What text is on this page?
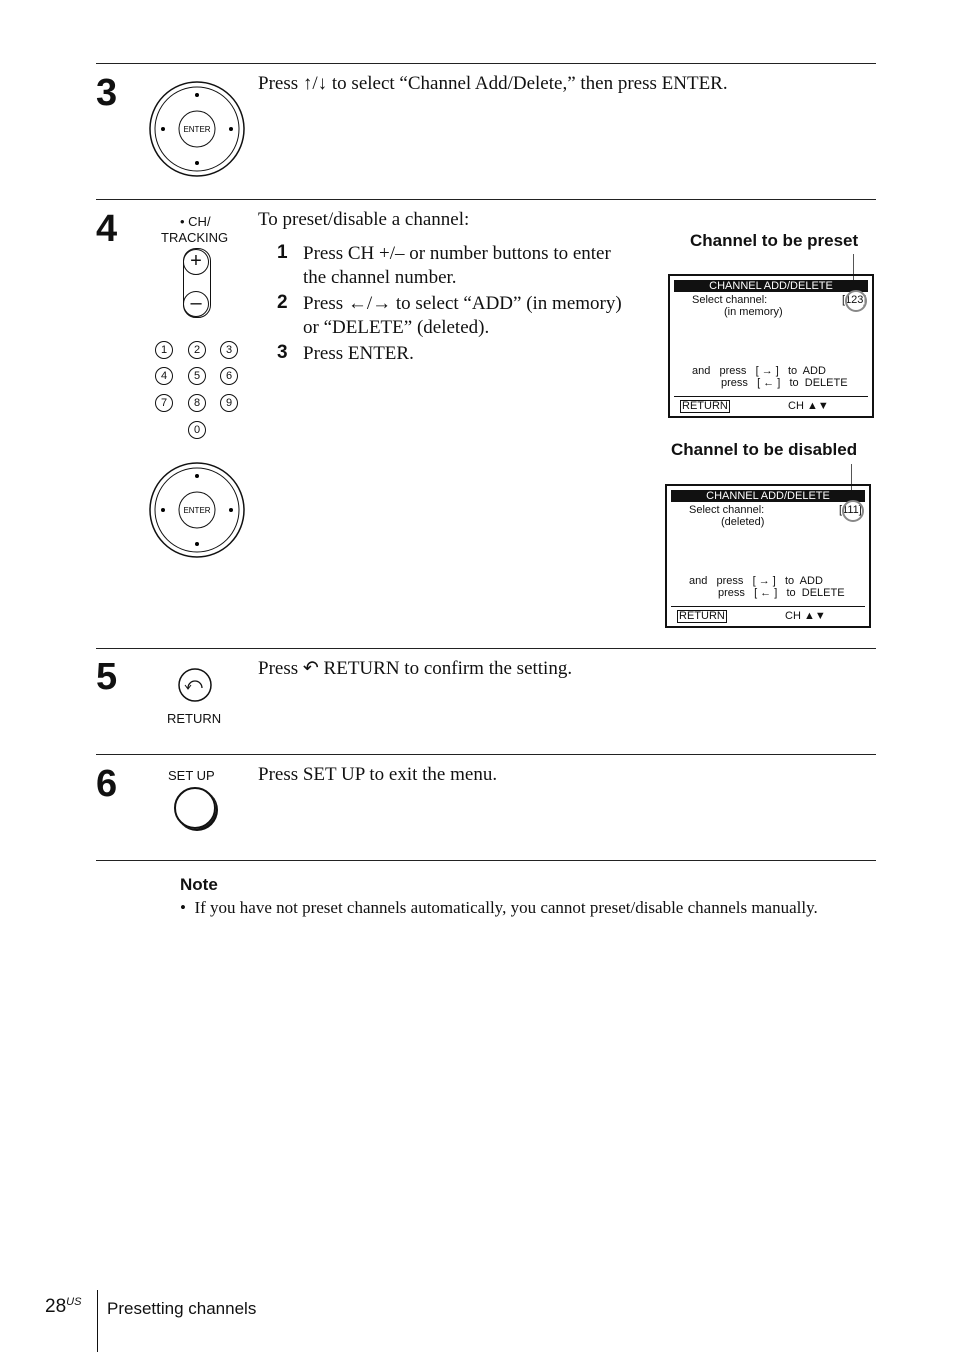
3
ENTER
Press ↑/↓ to select “Channel Add/Delete,” then press ENTER.
4	• CH/
TRACKING
+
–
1	2	3
4	5	6
7	8	9
0
ENTER
To preset/disable a channel:
1 Press CH +/– or number buttons to enter
the channel number.
2 Press ←/→ to select “ADD” (in memory)
or “DELETE” (deleted).
3 Press ENTER.
Channel to be preset
CHANNEL ADD/DELETE
Select channel:
(in memory)
[123]
and   press   [ → ]   to  ADD
press   [ ← ]   to  DELETE
RETURN	CH ▲▼
Channel to be disabled
CHANNEL ADD/DELETE
Select channel:
(deleted)
[111]
and   press   [ → ]   to  ADD
press   [ ← ]   to  DELETE
RETURN	CH ▲▼
5
RETURN
Press ↶ RETURN to confirm the setting.
6	SET UP Press SET UP to exit the menu.
Note
•  If you have not preset channels automatically, you cannot preset/disable channels manually.
$28^{US}$ Presetting channels
